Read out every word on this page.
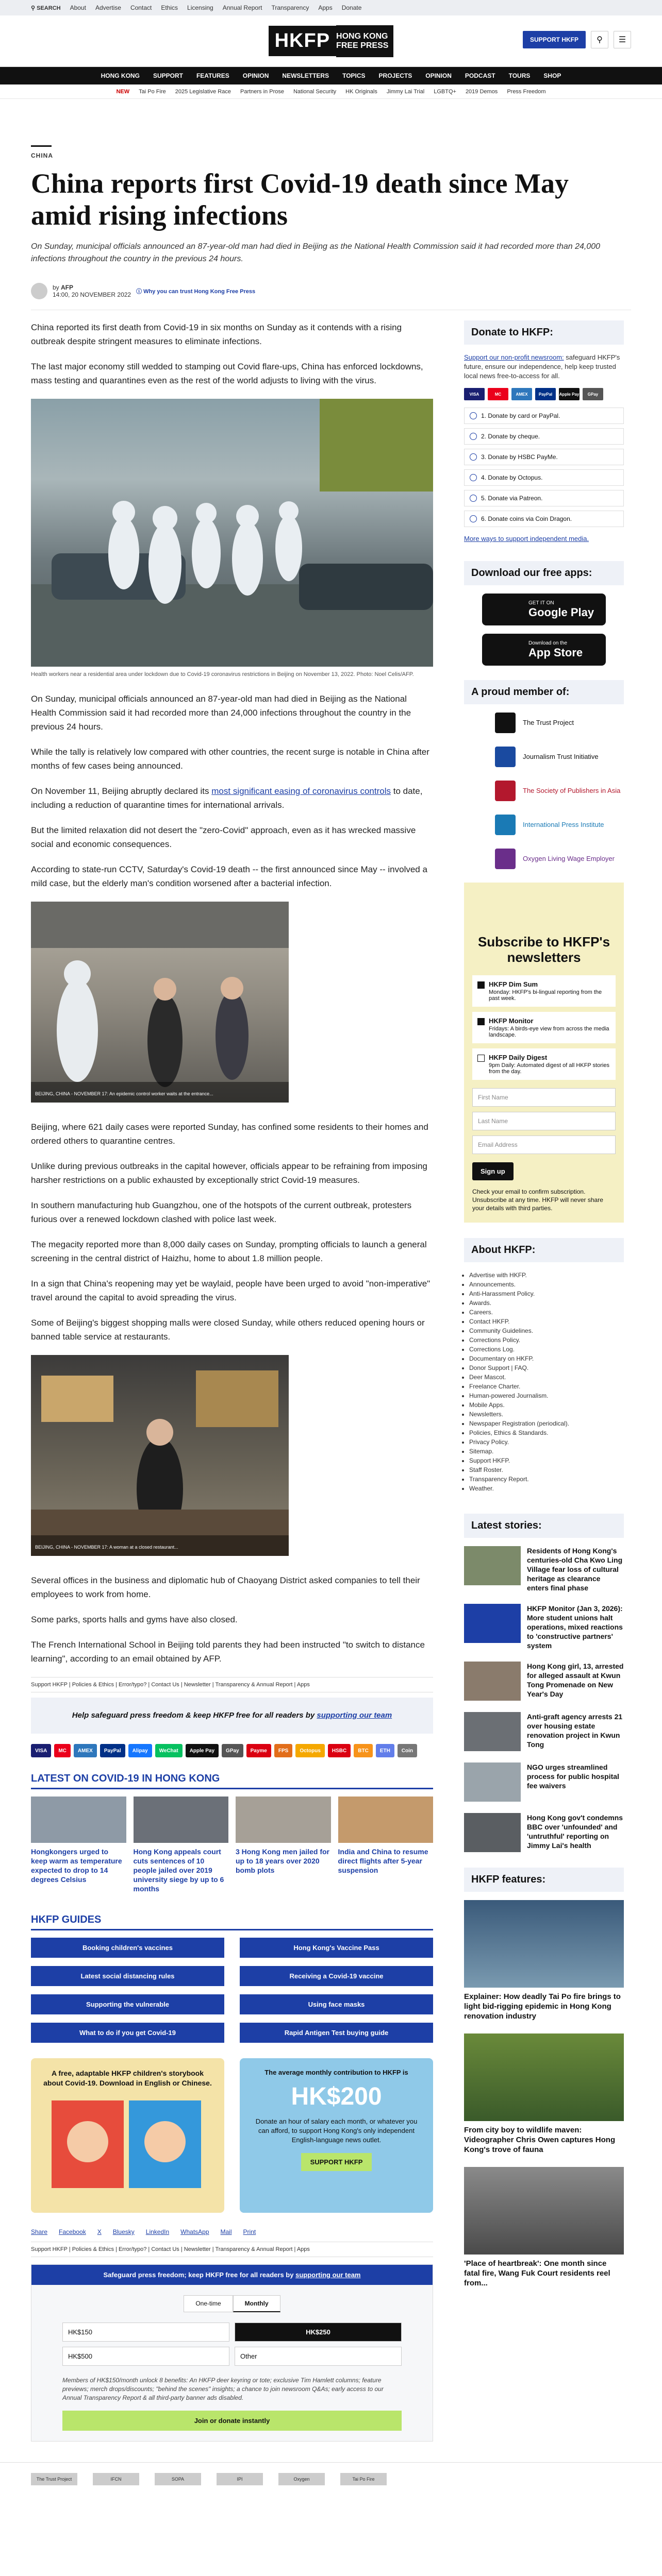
⚲ SEARCH About Advertise Contact Ethics Licensing Annual Report Transparency Apps Donate
HKFP HONG KONG
FREE PRESS
SUPPORT HKFP	⚲	☰
HONG KONG SUPPORT FEATURES OPINION NEWSLETTERS TOPICS PROJECTS OPINION PODCAST TOURS SHOP
NEW Tai Po Fire 2025 Legislative Race Partners in Prose National Security HK Originals Jimmy Lai Trial LGBTQ+ 2019 Demos Press Freedom
CHINA
China reports first Covid-19 death since May amid rising infections

On Sunday, municipal officials announced an 87-year-old man had died in Beijing as the National Health Commission said it had recorded more than 24,000 infections throughout the country in the previous 24 hours.

by AFP
14:00, 20 NOVEMBER 2022 ⓘ Why you can trust Hong Kong Free Press

China reported its first death from Covid-19 in six months on Sunday as it contends with a rising outbreak despite stringent measures to eliminate infections.

The last major economy still wedded to stamping out Covid flare-ups, China has enforced lockdowns, mass testing and quarantines even as the rest of the world adjusts to living with the virus.

Health workers near a residential area under lockdown due to Covid-19 coronavirus restrictions in Beijing on November 13, 2022. Photo: Noel Celis/AFP.

On Sunday, municipal officials announced an 87-year-old man had died in Beijing as the National Health Commission said it had recorded more than 24,000 infections throughout the country in the previous 24 hours.

While the tally is relatively low compared with other countries, the recent surge is notable in China after months of few cases being announced.

On November 11, Beijing abruptly declared its most significant easing of coronavirus controls to date, including a reduction of quarantine times for international arrivals.

But the limited relaxation did not desert the "zero-Covid" approach, even as it has wrecked massive social and economic consequences.

According to state-run CCTV, Saturday's Covid-19 death -- the first announced since May -- involved a mild case, but the elderly man's condition worsened after a bacterial infection.

BEIJING, CHINA - NOVEMBER 17: An epidemic control worker waits at the entrance...

Beijing, where 621 daily cases were reported Sunday, has confined some residents to their homes and ordered others to quarantine centres.

Unlike during previous outbreaks in the capital however, officials appear to be refraining from imposing harsher restrictions on a public exhausted by exceptionally strict Covid-19 measures.

In southern manufacturing hub Guangzhou, one of the hotspots of the current outbreak, protesters furious over a renewed lockdown clashed with police last week.

The megacity reported more than 8,000 daily cases on Sunday, prompting officials to launch a general screening in the central district of Haizhu, home to about 1.8 million people.

In a sign that China's reopening may yet be waylaid, people have been urged to avoid "non-imperative" travel around the capital to avoid spreading the virus.

Some of Beijing's biggest shopping malls were closed Sunday, while others reduced opening hours or banned table service at restaurants.

BEIJING, CHINA - NOVEMBER 17: A woman at a closed restaurant...

Several offices in the business and diplomatic hub of Chaoyang District asked companies to tell their employees to work from home.

Some parks, sports halls and gyms have also closed.

The French International School in Beijing told parents they had been instructed "to switch to distance learning", according to an email obtained by AFP.

Support HKFP | Policies & Ethics | Error/typo? | Contact Us | Newsletter | Transparency & Annual Report | Apps
Help safeguard press freedom & keep HKFP free for all readers by supporting our team
VISA	MC	AMEX	PayPal	Alipay	WeChat	Apple Pay	GPay	Payme	FPS	Octopus	HSBC	BTC	ETH	Coin
LATEST ON COVID-19 IN HONG KONG
Hongkongers urged to keep warm as temperature expected to drop to 14 degrees Celsius
Hong Kong appeals court cuts sentences of 10 people jailed over 2019 university siege by up to 6 months
3 Hong Kong men jailed for up to 18 years over 2020 bomb plots
India and China to resume direct flights after 5-year suspension
HKFP GUIDES
Booking children's vaccines	Hong Kong's Vaccine Pass
Latest social distancing rules	Receiving a Covid-19 vaccine
Supporting the vulnerable	Using face masks
What to do if you get Covid-19	Rapid Antigen Test buying guide
A free, adaptable HKFP children's storybook about Covid-19. Download in English or Chinese.
The average monthly contribution to HKFP is
HK$200
Donate an hour of salary each month, or whatever you can afford, to support Hong Kong's only independent English-language news outlet.
SUPPORT HKFP
Share Facebook X Bluesky LinkedIn WhatsApp Mail Print
Support HKFP | Policies & Ethics | Error/typo? | Contact Us | Newsletter | Transparency & Annual Report | Apps
Safeguard press freedom; keep HKFP free for all readers by supporting our team
One-time	Monthly
HK$150	HK$250
HK$500	Other

Members of HK$150/month unlock 8 benefits: An HKFP deer keyring or tote; exclusive Tim Hamlett columns; feature previews; merch drops/discounts; "behind the scenes" insights; a chance to join newsroom Q&As; early access to our Annual Transparency Report & all third-party banner ads disabled.

Join or donate instantly
Donate to HKFP:

Support our non-profit newsroom: safeguard HKFP's future, ensure our independence, help keep trusted local news free-to-access for all.

VISA	MC	AMEX	PayPal	Apple Pay	GPay
1. Donate by card or PayPal.
2. Donate by cheque.
3. Donate by HSBC PayMe.
4. Donate by Octopus.
5. Donate via Patreon.
6. Donate coins via Coin Dragon.

More ways to support independent media.

Download our free apps:
GET IT ON
Google Play
Download on the
App Store
A proud member of:
The Trust Project
Journalism Trust Initiative
The Society of Publishers in Asia
International Press Institute
Oxygen Living Wage Employer
Subscribe to HKFP's newsletters
HKFP Dim Sum
Monday: HKFP's bi-lingual reporting from the past week.
HKFP Monitor
Fridays: A birds-eye view from across the media landscape.
HKFP Daily Digest
9pm Daily: Automated digest of all HKFP stories from the day.
First Name
Last Name
Email Address
Sign up

Check your email to confirm subscription. Unsubscribe at any time. HKFP will never share your details with third parties.

About HKFP:
• Advertise with HKFP.
• Announcements.
• Anti-Harassment Policy.
• Awards.
• Careers.
• Contact HKFP.
• Community Guidelines.
• Corrections Policy.
• Corrections Log.
• Documentary on HKFP.
• Donor Support | FAQ.
• Deer Mascot.
• Freelance Charter.
• Human-powered Journalism.
• Mobile Apps.
• Newsletters.
• Newspaper Registration (periodical).
• Policies, Ethics & Standards.
• Privacy Policy.
• Sitemap.
• Support HKFP.
• Staff Roster.
• Transparency Report.
• Weather.
Latest stories:
Residents of Hong Kong's centuries-old Cha Kwo Ling Village fear loss of cultural heritage as clearance enters final phase
HKFP Monitor (Jan 3, 2026): More student unions halt operations, mixed reactions to 'constructive partners' system
Hong Kong girl, 13, arrested for alleged assault at Kwun Tong Promenade on New Year's Day
Anti-graft agency arrests 21 over housing estate renovation project in Kwun Tong
NGO urges streamlined process for public hospital fee waivers
Hong Kong gov't condemns BBC over 'unfounded' and 'untruthful' reporting on Jimmy Lai's health
HKFP features:
Explainer: How deadly Tai Po fire brings to light bid-rigging epidemic in Hong Kong renovation industry
From city boy to wildlife maven: Videographer Chris Owen captures Hong Kong's trove of fauna
'Place of heartbreak': One month since fatal fire, Wang Fuk Court residents reel from...
The Trust Project	IFCN	SOPA	IPI	Oxygen	Tai Po Fire
